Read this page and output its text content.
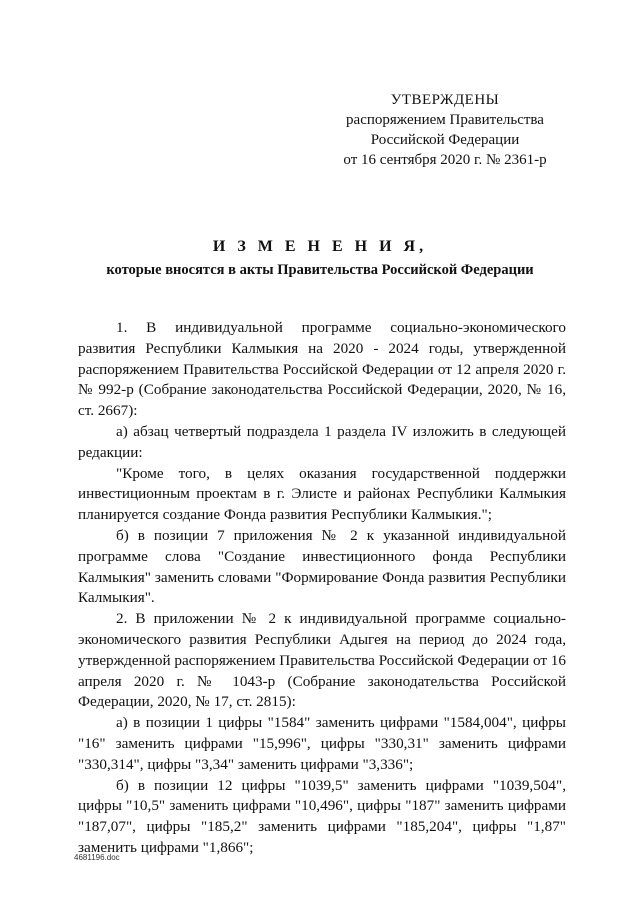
УТВЕРЖДЕНЫ
распоряжением Правительства
Российской Федерации
от 16 сентября 2020 г. № 2361-р
И З М Е Н Е Н И Я,
которые вносятся в акты Правительства Российской Федерации

1. В индивидуальной программе социально-экономического развития Республики Калмыкия на 2020 - 2024 годы, утвержденной распоряжением Правительства Российской Федерации от 12 апреля 2020 г. № 992-р (Собрание законодательства Российской Федерации, 2020, № 16, ст. 2667):

а) абзац четвертый подраздела 1 раздела IV изложить в следующей редакции:

"Кроме того, в целях оказания государственной поддержки инвестиционным проектам в г. Элисте и районах Республики Калмыкия планируется создание Фонда развития Республики Калмыкия.";

б) в позиции 7 приложения № 2 к указанной индивидуальной программе слова "Создание инвестиционного фонда Республики Калмыкия" заменить словами "Формирование Фонда развития Республики Калмыкия".

2. В приложении № 2 к индивидуальной программе социально-экономического развития Республики Адыгея на период до 2024 года, утвержденной распоряжением Правительства Российской Федерации от 16 апреля 2020 г. № 1043-р (Собрание законодательства Российской Федерации, 2020, № 17, ст. 2815):

а) в позиции 1 цифры "1584" заменить цифрами "1584,004", цифры "16" заменить цифрами "15,996", цифры "330,31" заменить цифрами "330,314", цифры "3,34" заменить цифрами "3,336";

б) в позиции 12 цифры "1039,5" заменить цифрами "1039,504", цифры "10,5" заменить цифрами "10,496", цифры "187" заменить цифрами "187,07", цифры "185,2" заменить цифрами "185,204", цифры "1,87" заменить цифрами "1,866";

4681196.doc
